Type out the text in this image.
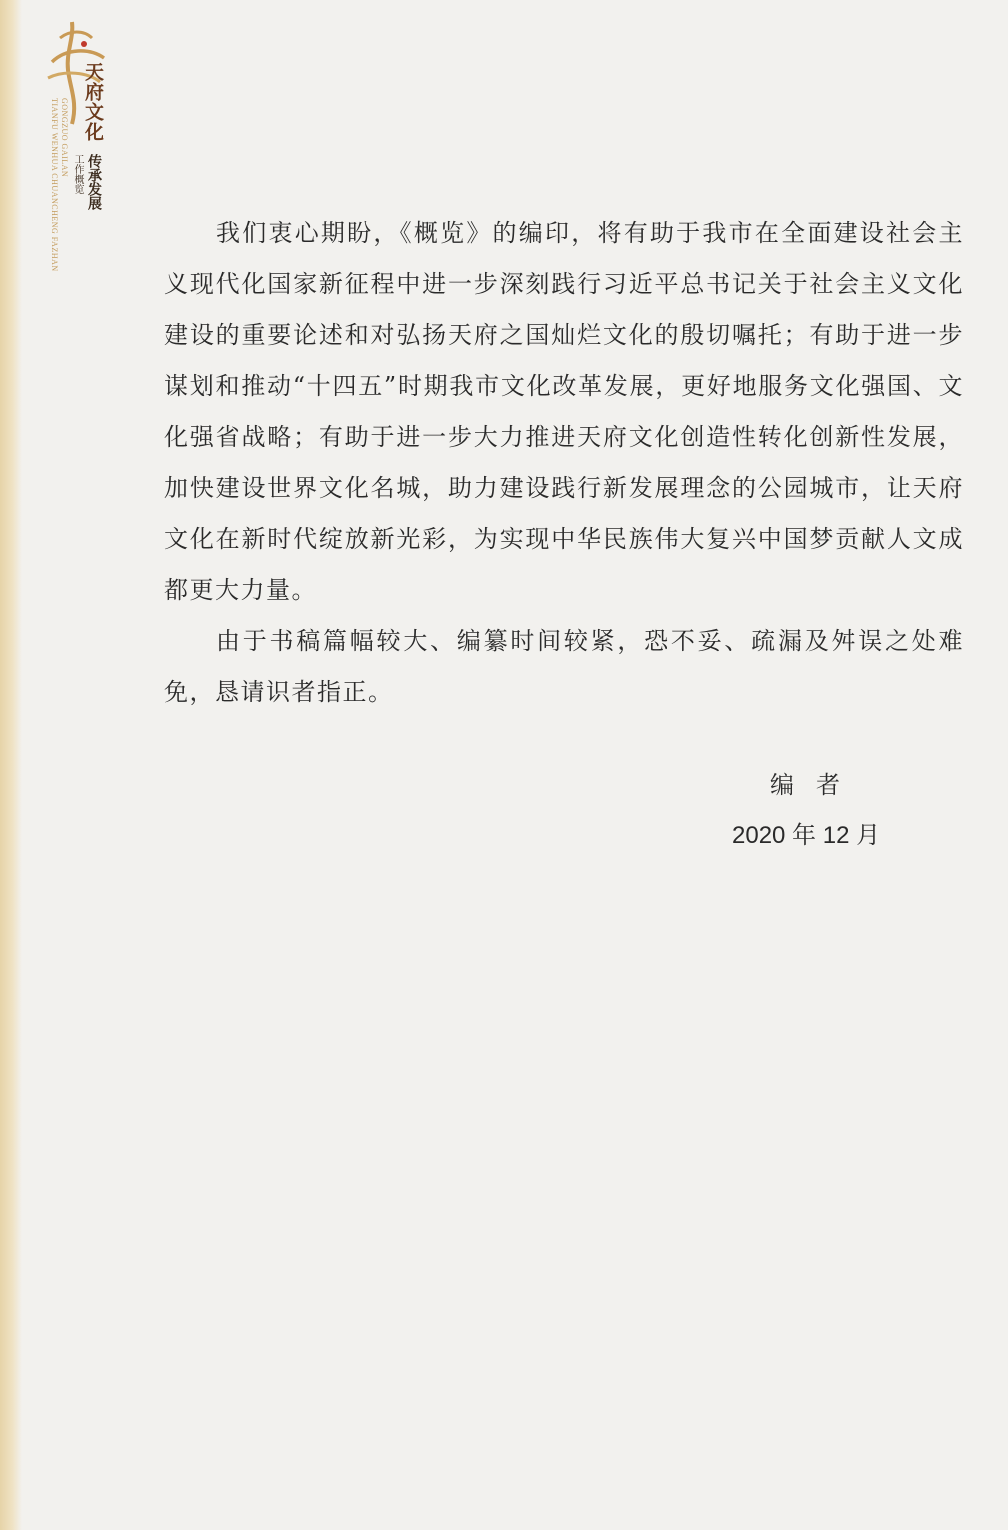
天府文化
传承发展
工作概览
TIANFU WENHUA CHUANCHENG FAZHAN GONGZUO GAILAN

我们衷心期盼，《概览》的编印，将有助于我市在全面建设社会主义现代化国家新征程中进一步深刻践行习近平总书记关于社会主义文化建设的重要论述和对弘扬天府之国灿烂文化的殷切嘱托；有助于进一步谋划和推动“十四五”时期我市文化改革发展，更好地服务文化强国、文化强省战略；有助于进一步大力推进天府文化创造性转化创新性发展，加快建设世界文化名城，助力建设践行新发展理念的公园城市，让天府文化在新时代绽放新光彩，为实现中华民族伟大复兴中国梦贡献人文成都更大力量。

由于书稿篇幅较大、编纂时间较紧，恐不妥、疏漏及舛误之处难免，恳请识者指正。

编者
2020 年 12 月
